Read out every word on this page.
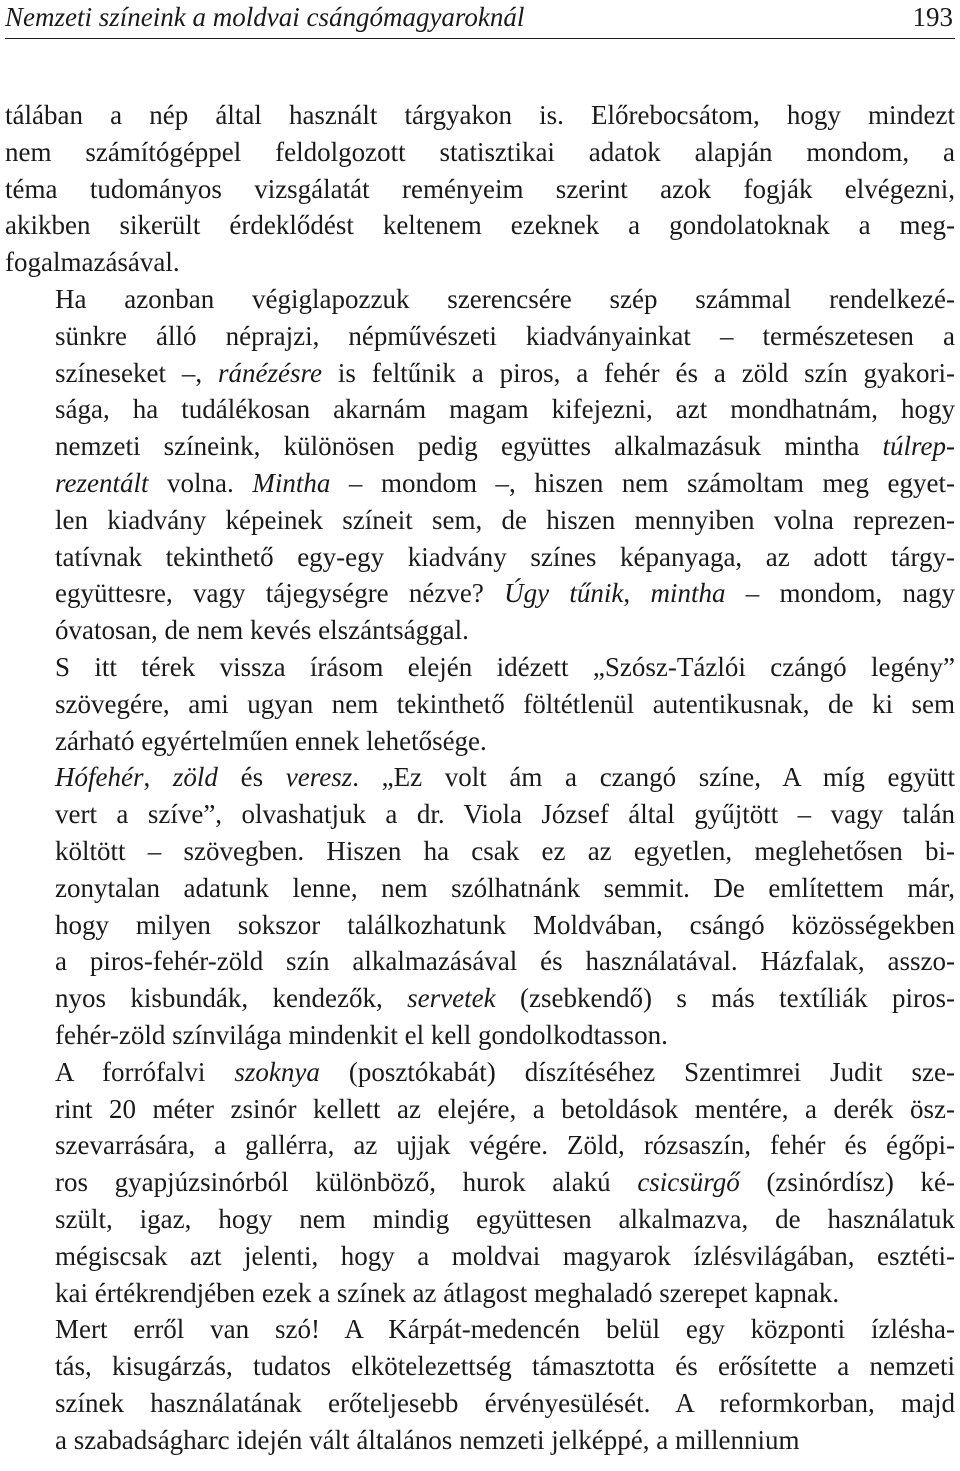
Nemzeti színeink a moldvai csángómagyaroknál	193
tálában a nép által használt tárgyakon is. Előrebocsátom, hogy mindezt
nem számítógéppel feldolgozott statisztikai adatok alapján mondom, a
téma tudományos vizsgálatát reményeim szerint azok fogják elvégezni,
akikben sikerült érdeklődést keltenem ezeknek a gondolatoknak a meg-
fogalmazásával.
Ha azonban végiglapozzuk szerencsére szép számmal rendelkezé-
sünkre álló néprajzi, népművészeti kiadványainkat – természetesen a
színeseket –, ránézésre is feltűnik a piros, a fehér és a zöld szín gyakori-
sága, ha tudálékosan akarnám magam kifejezni, azt mondhatnám, hogy
nemzeti színeink, különösen pedig együttes alkalmazásuk mintha túlrep-
rezentált volna. Mintha – mondom –, hiszen nem számoltam meg egyet-
len kiadvány képeinek színeit sem, de hiszen mennyiben volna reprezen-
tatívnak tekinthető egy-egy kiadvány színes képanyaga, az adott tárgy-
együttesre, vagy tájegységre nézve? Úgy tűnik, mintha – mondom, nagy
óvatosan, de nem kevés elszántsággal.
S itt térek vissza írásom elején idézett „Szósz-Tázlói czángó legény”
szövegére, ami ugyan nem tekinthető föltétlenül autentikusnak, de ki sem
zárható egyértelműen ennek lehetősége.
Hófehér, zöld és veresz. „Ez volt ám a czangó színe, A míg együtt
vert a szíve”, olvashatjuk a dr. Viola József által gyűjtött – vagy talán
költött – szövegben. Hiszen ha csak ez az egyetlen, meglehetősen bi-
zonytalan adatunk lenne, nem szólhatnánk semmit. De említettem már,
hogy milyen sokszor találkozhatunk Moldvában, csángó közösségekben
a piros-fehér-zöld szín alkalmazásával és használatával. Házfalak, asszo-
nyos kisbundák, kendezők, servetek (zsebkendő) s más textíliák piros-
fehér-zöld színvilága mindenkit el kell gondolkodtasson.
A forrófalvi szoknya (posztókabát) díszítéséhez Szentimrei Judit sze-
rint 20 méter zsinór kellett az elejére, a betoldások mentére, a derék ösz-
szevarrására, a gallérra, az ujjak végére. Zöld, rózsaszín, fehér és égőpi-
ros gyapjúzsinórból különböző, hurok alakú csicsürgő (zsinórdísz) ké-
szült, igaz, hogy nem mindig együttesen alkalmazva, de használatuk
mégiscsak azt jelenti, hogy a moldvai magyarok ízlésvilágában, esztéti-
kai értékrendjében ezek a színek az átlagost meghaladó szerepet kapnak.
Mert erről van szó! A Kárpát-medencén belül egy központi ízlésha-
tás, kisugárzás, tudatos elkötelezettség támasztotta és erősítette a nemzeti
színek használatának erőteljesebb érvényesülését. A reformkorban, majd
a szabadságharc idején vált általános nemzeti jelképpé, a millennium
